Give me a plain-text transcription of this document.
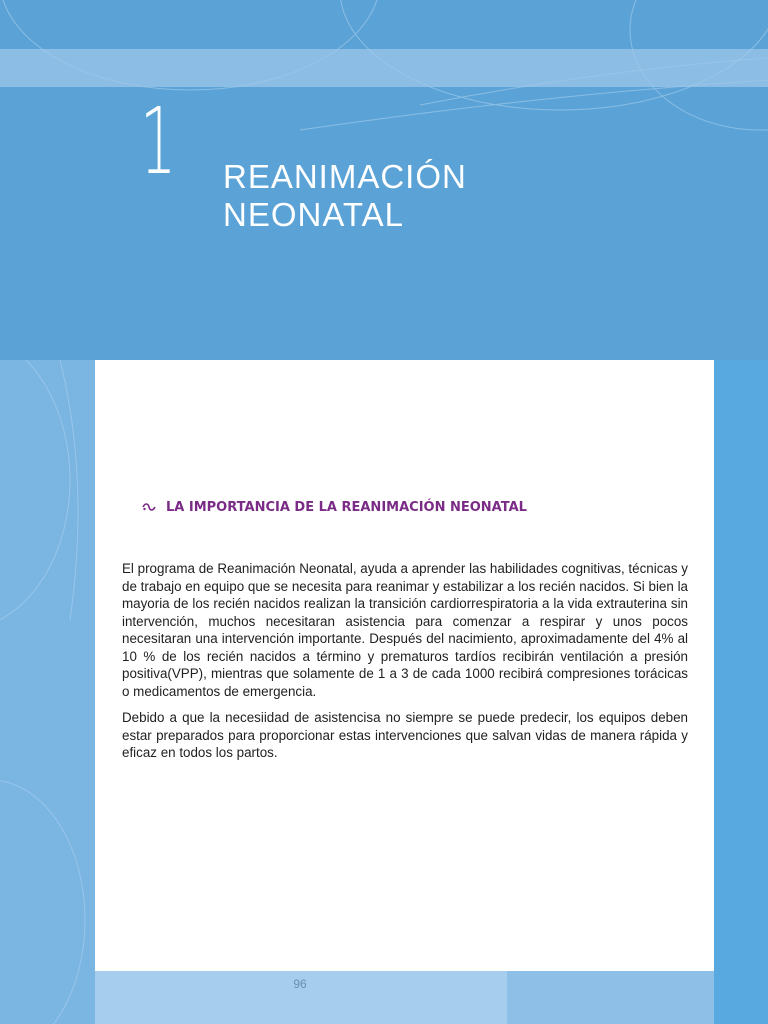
1 REANIMACIÓN
NEONATAL
LA IMPORTANCIA DE LA REANIMACIÓN NEONATAL

El programa de Reanimación Neonatal, ayuda a aprender las habilidades cognitivas, técnicas y de trabajo en equipo que se necesita para reanimar y estabilizar a los recién nacidos. Si bien la mayoria de los recién nacidos realizan la transición cardiorrespiratoria a la vida extrauterina sin intervención, muchos necesitaran asistencia para comenzar a respirar y unos pocos necesitaran una intervención importante. Después del nacimiento, aproximadamente del 4% al 10 % de los recién nacidos a término y prematuros tardíos recibirán ventilación a presión positiva(VPP), mientras que solamente de 1 a 3 de cada 1000 recibirá compresiones torácicas o medicamentos de emergencia.

Debido a que la necesiidad de asistencisa no siempre se puede predecir, los equipos deben estar preparados para proporcionar estas intervenciones que salvan vidas de manera rápida y eficaz en todos los partos.

96
